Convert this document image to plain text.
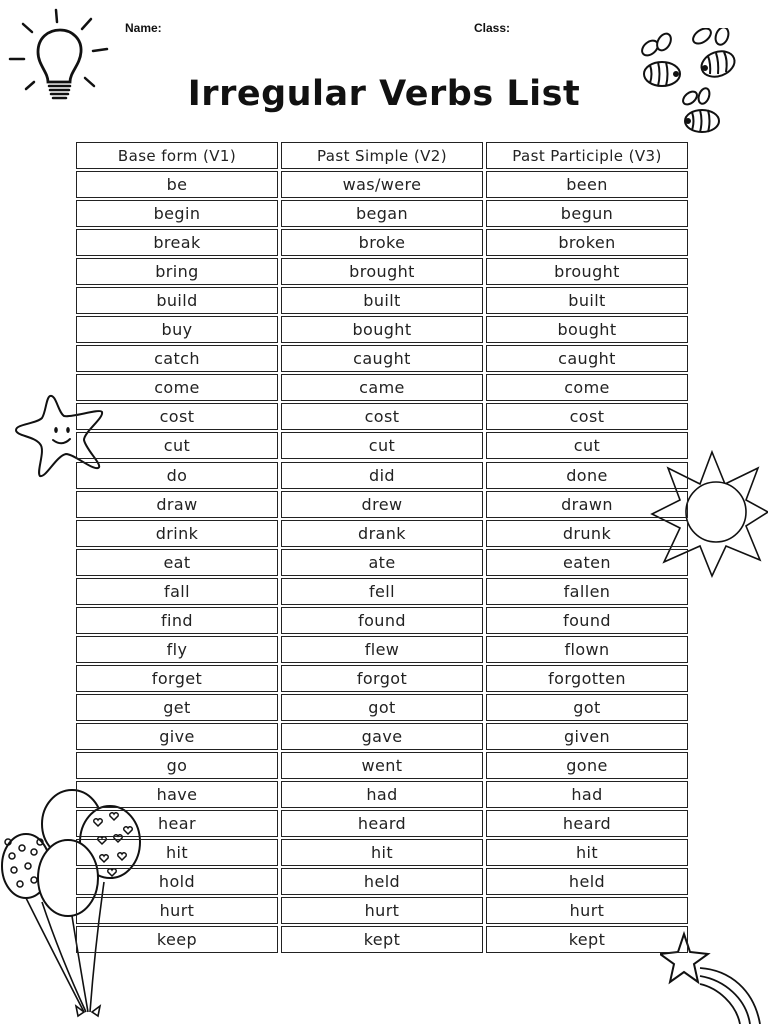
Name:	Class:
Irregular Verbs List
Base form (V1)	Past Simple (V2)	Past Participle (V3)
be	was/were	been
begin	began	begun
break	broke	broken
bring	brought	brought
build	built	built
buy	bought	bought
catch	caught	caught
come	came	come
cost	cost	cost
cut	cut	cut
do	did	done
draw	drew	drawn
drink	drank	drunk
eat	ate	eaten
fall	fell	fallen
find	found	found
fly	flew	flown
forget	forgot	forgotten
get	got	got
give	gave	given
go	went	gone
have	had	had
hear	heard	heard
hit	hit	hit
hold	held	held
hurt	hurt	hurt
keep	kept	kept
